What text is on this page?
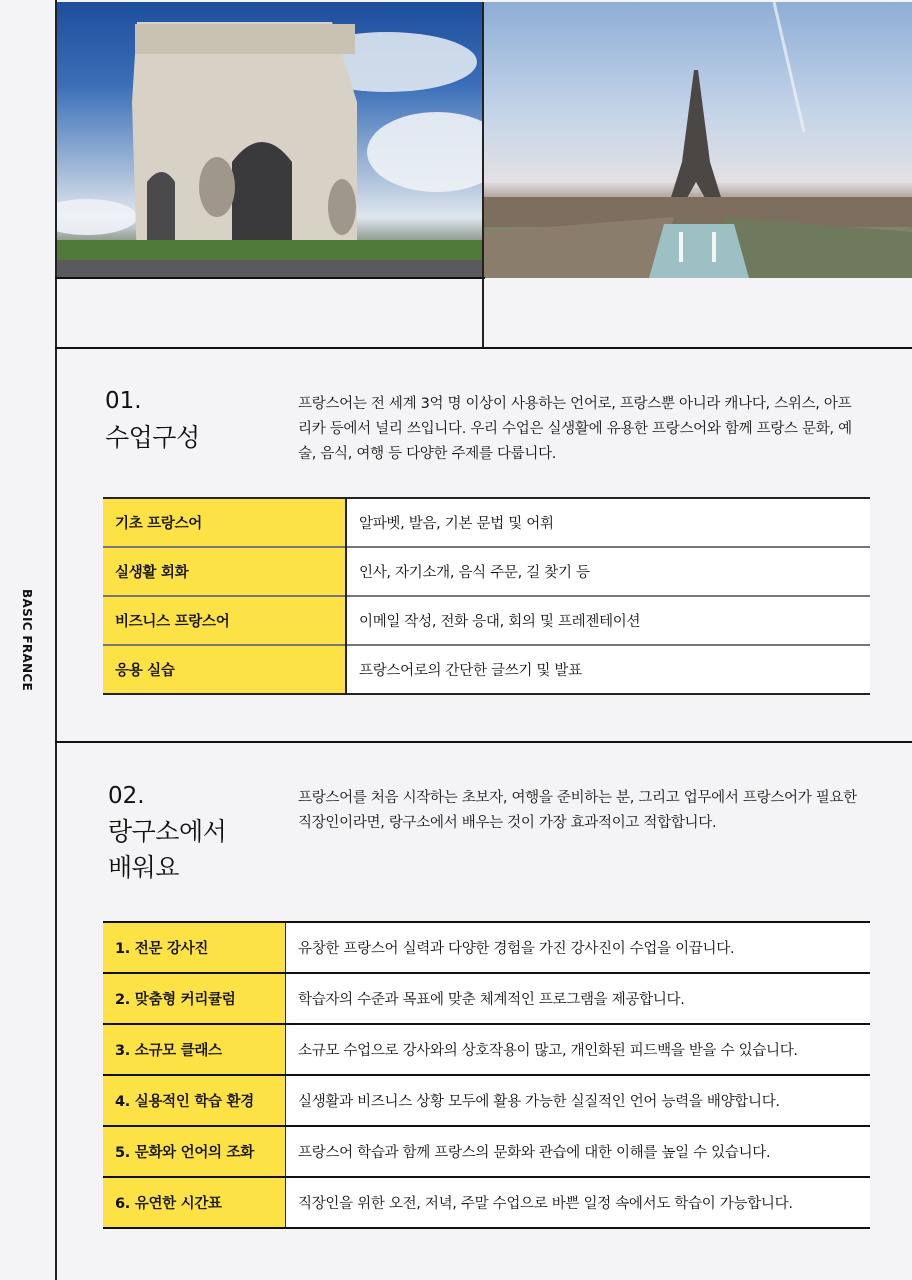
BASIC FRANCE
01.
수업구성
프랑스어는 전 세계 3억 명 이상이 사용하는 언어로, 프랑스뿐 아니라 캐나다, 스위스, 아프리카 등에서 널리 쓰입니다. 우리 수업은 실생활에 유용한 프랑스어와 함께 프랑스 문화, 예술, 음식, 여행 등 다양한 주제를 다룹니다.
기초 프랑스어	알파벳, 발음, 기본 문법 및 어휘
실생활 회화	인사, 자기소개, 음식 주문, 길 찾기 등
비즈니스 프랑스어	이메일 작성, 전화 응대, 회의 및 프레젠테이션
응용 실습	프랑스어로의 간단한 글쓰기 및 발표
02.
랑구소에서
배워요
프랑스어를 처음 시작하는 초보자, 여행을 준비하는 분, 그리고 업무에서 프랑스어가 필요한 직장인이라면, 랑구소에서 배우는 것이 가장 효과적이고 적합합니다.
1. 전문 강사진	유창한 프랑스어 실력과 다양한 경험을 가진 강사진이 수업을 이끕니다.
2. 맞춤형 커리큘럼	학습자의 수준과 목표에 맞춘 체계적인 프로그램을 제공합니다.
3. 소규모 클래스	소규모 수업으로 강사와의 상호작용이 많고, 개인화된 피드백을 받을 수 있습니다.
4. 실용적인 학습 환경	실생활과 비즈니스 상황 모두에 활용 가능한 실질적인 언어 능력을 배양합니다.
5. 문화와 언어의 조화	프랑스어 학습과 함께 프랑스의 문화와 관습에 대한 이해를 높일 수 있습니다.
6. 유연한 시간표	직장인을 위한 오전, 저녁, 주말 수업으로 바쁜 일정 속에서도 학습이 가능합니다.
